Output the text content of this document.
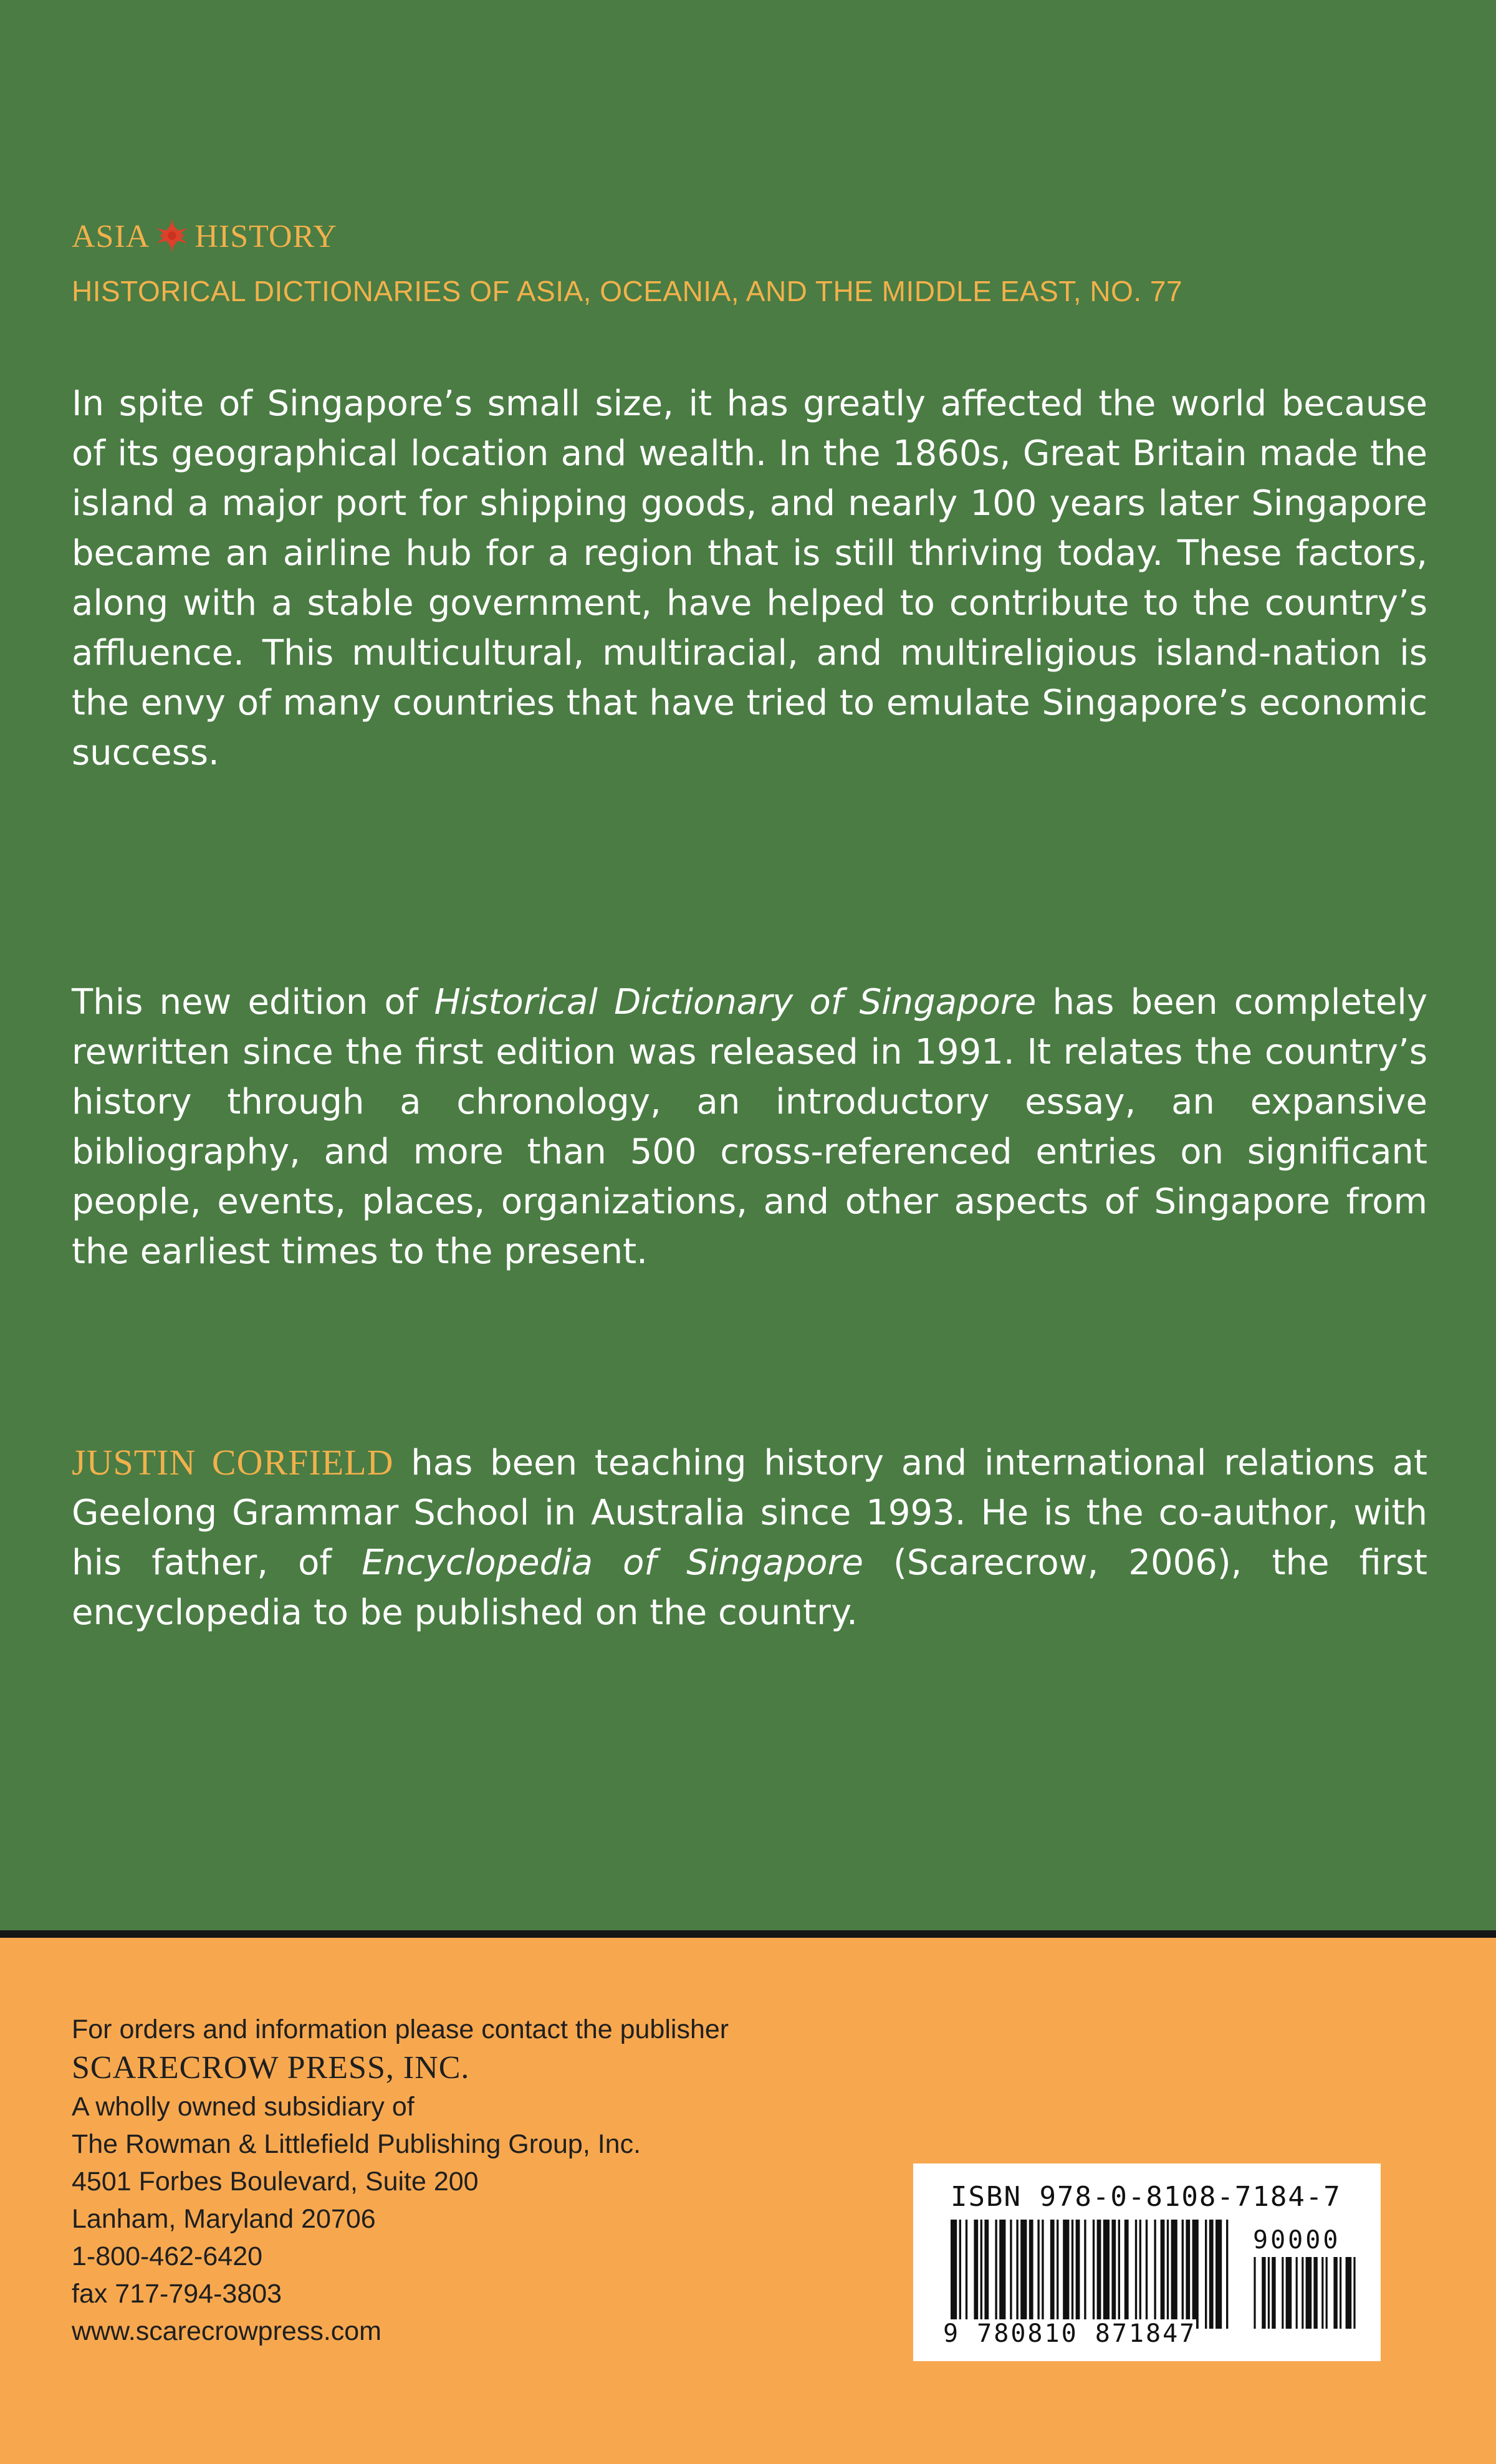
ASIA HISTORY
HISTORICAL DICTIONARIES OF ASIA, OCEANIA, AND THE MIDDLE EAST, NO. 77

In spite of Singapore’s small size, it has greatly affected the world because of its geographical location and wealth. In the 1860s, Great Britain made the island a major port for shipping goods, and nearly 100 years later Singapore became an airline hub for a region that is still thriving today. These factors, along with a stable government, have helped to contribute to the country’s affluence. This multicultural, multiracial, and multireligious island-nation is the envy of many countries that have tried to emulate Singapore’s economic success.

This new edition of Historical Dictionary of Singapore has been completely rewritten since the first edition was released in 1991. It relates the country’s history through a chronology, an introductory essay, an expansive bibliography, and more than 500 cross-referenced entries on significant people, events, places, organizations, and other aspects of Singapore from the earliest times to the present.

JUSTIN CORFIELD has been teaching history and international relations at Geelong Grammar School in Australia since 1993. He is the co-author, with his father, of Encyclopedia of Singapore (Scarecrow, 2006), the first encyclopedia to be published on the country.

For orders and information please contact the publisher
SCARECROW PRESS, INC.
A wholly owned subsidiary of
The Rowman & Littlefield Publishing Group, Inc.
4501 Forbes Boulevard, Suite 200
Lanham, Maryland 20706
1-800-462-6420
fax 717-794-3803
www.scarecrowpress.com
ISBN 978-0-8108-7184-7
90000
9 780810 871847
